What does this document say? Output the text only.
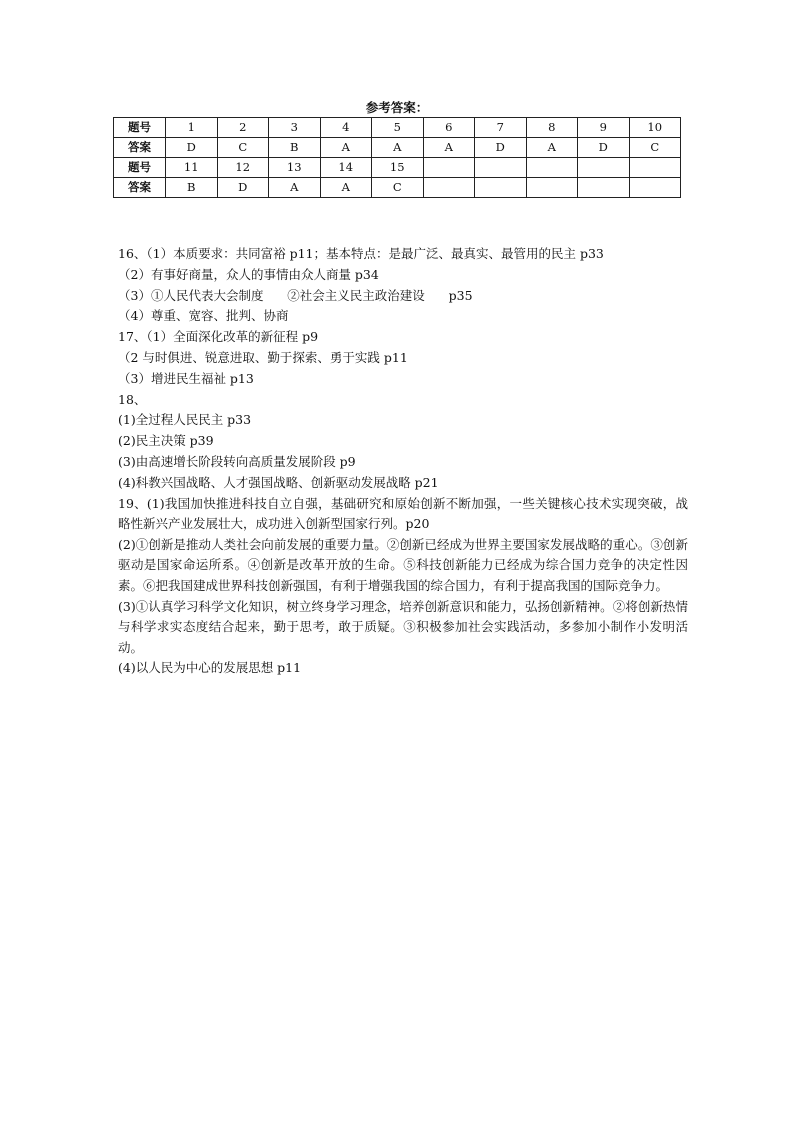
参考答案：
题号	1	2	3	4	5	6	7	8	9	10
答案	D	C	B	A	A	A	D	A	D	C
题号	11	12	13	14	15					
答案	B	D	A	A	C					
16、（1）本质要求：共同富裕 p11；基本特点：是最广泛、最真实、最管用的民主 p33
（2）有事好商量，众人的事情由众人商量 p34
（3）①人民代表大会制度      ②社会主义民主政治建设      p35
（4）尊重、宽容、批判、协商
17、（1）全面深化改革的新征程 p9
（2 与时俱进、锐意进取、勤于探索、勇于实践 p11
（3）增进民生福祉 p13
18、
(1)全过程人民民主 p33
(2)民主决策 p39
(3)由高速增长阶段转向高质量发展阶段 p9
(4)科教兴国战略、人才强国战略、创新驱动发展战略 p21
19、(1)我国加快推进科技自立自强，基础研究和原始创新不断加强，一些关键核心技术实现突破，战略性新兴产业发展壮大，成功进入创新型国家行列。p20
(2)①创新是推动人类社会向前发展的重要力量。②创新已经成为世界主要国家发展战略的重心。③创新驱动是国家命运所系。④创新是改革开放的生命。⑤科技创新能力已经成为综合国力竞争的决定性因素。⑥把我国建成世界科技创新强国，有利于增强我国的综合国力，有利于提高我国的国际竞争力。
(3)①认真学习科学文化知识，树立终身学习理念，培养创新意识和能力，弘扬创新精神。②将创新热情与科学求实态度结合起来，勤于思考，敢于质疑。③积极参加社会实践活动，多参加小制作小发明活动。
(4)以人民为中心的发展思想 p11
